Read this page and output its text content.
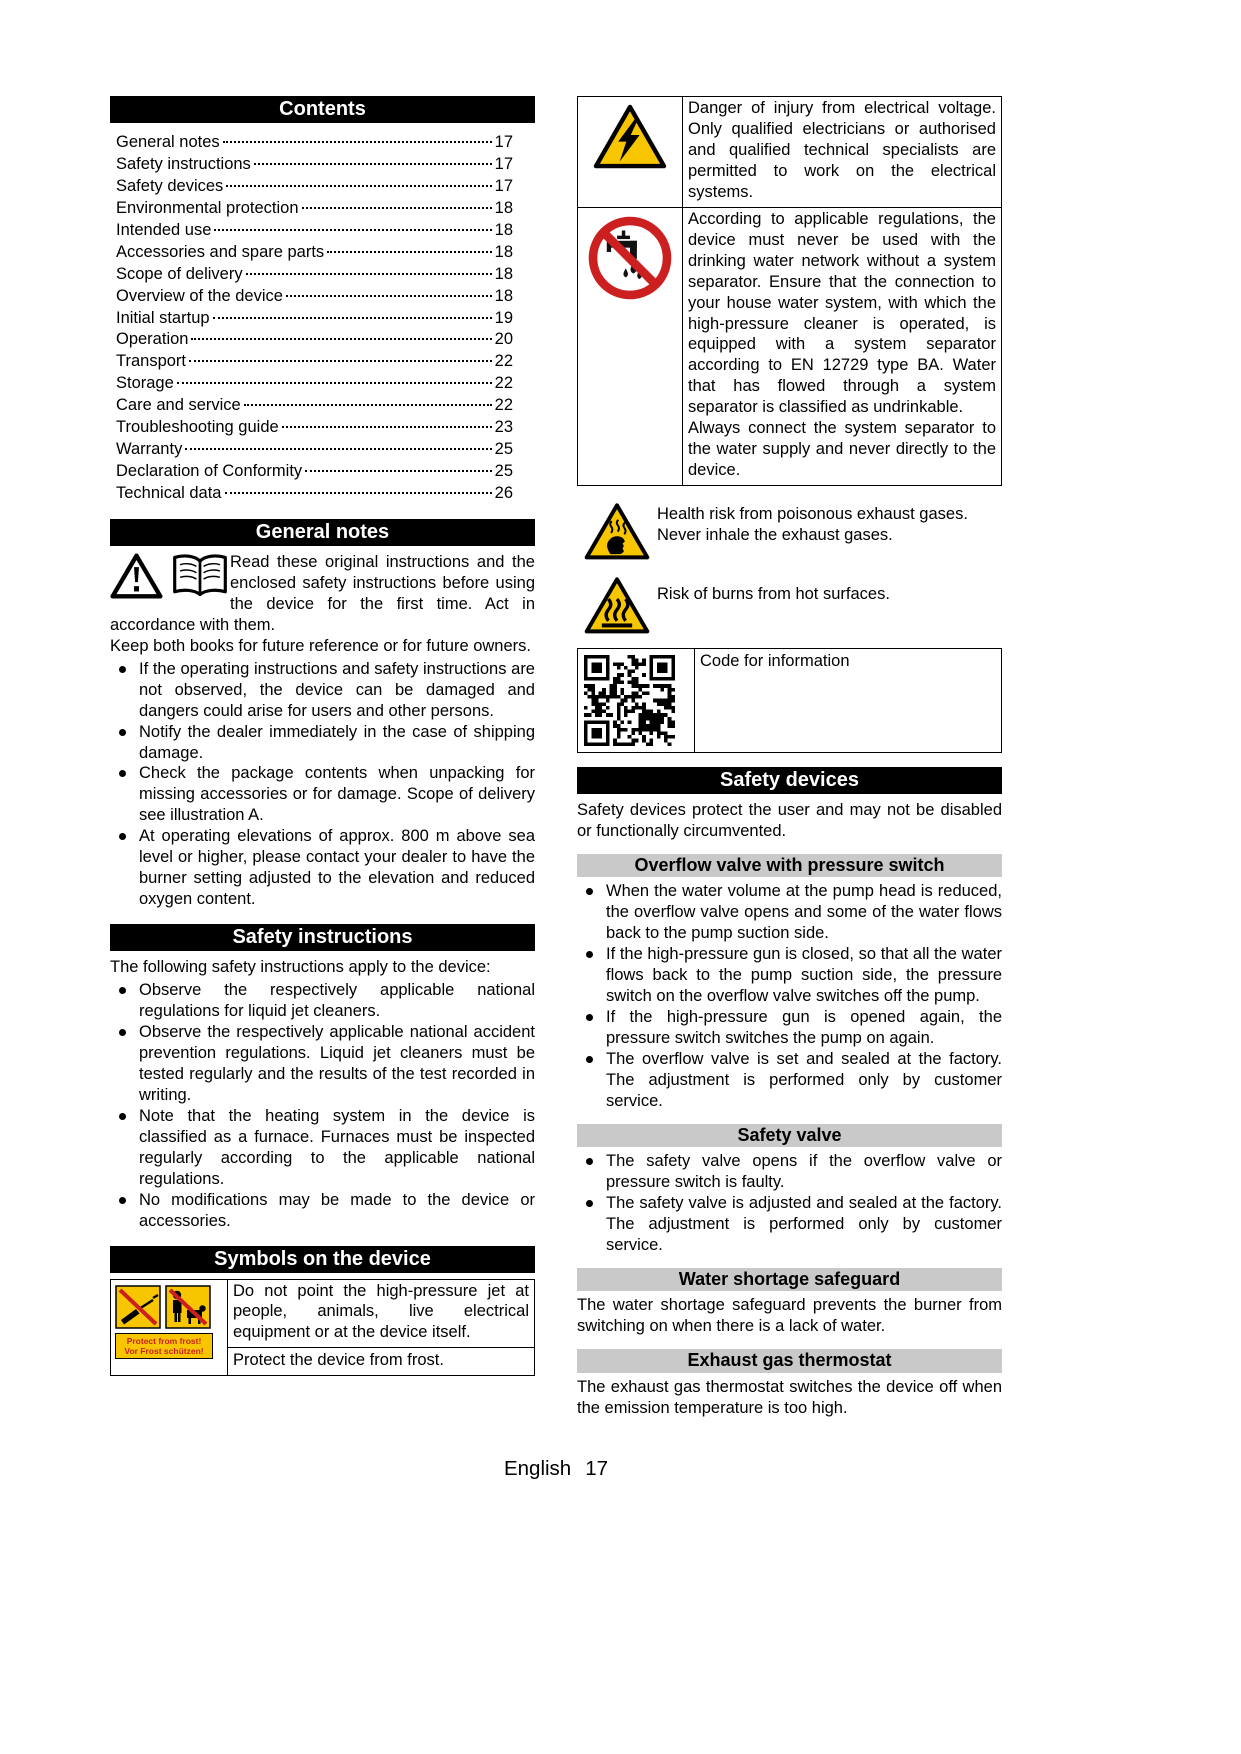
Contents
General notes	17
Safety instructions	17
Safety devices	17
Environmental protection	18
Intended use	18
Accessories and spare parts	18
Scope of delivery	18
Overview of the device	18
Initial startup	19
Operation	20
Transport	22
Storage	22
Care and service	22
Troubleshooting guide	23
Warranty	25
Declaration of Conformity	25
Technical data	26
General notes

Read these original instructions and the enclosed safety instructions before using the device for the first time. Act in accordance with them.

Keep both books for future reference or for future owners.

If the operating instructions and safety instructions are not observed, the device can be damaged and dangers could arise for users and other persons.
Notify the dealer immediately in the case of shipping damage.
Check the package contents when unpacking for missing accessories or for damage. Scope of delivery see illustration A.
At operating elevations of approx. 800 m above sea level or higher, please contact your dealer to have the burner setting adjusted to the elevation and reduced oxygen content.
Safety instructions

The following safety instructions apply to the device:

Observe the respectively applicable national regulations for liquid jet cleaners.
Observe the respectively applicable national accident prevention regulations. Liquid jet cleaners must be tested regularly and the results of the test recorded in writing.
Note that the heating system in the device is classified as a furnace. Furnaces must be inspected regularly according to the applicable national regulations.
No modifications may be made to the device or accessories.
Symbols on the device
Protect from frost!
Vor Frost schützen!
Do not point the high-pressure jet at people, animals, live electrical equipment or at the device itself.
Protect the device from frost.
Danger of injury from electrical voltage. Only qualified electricians or authorised and qualified technical specialists are permitted to work on the electrical systems.

According to applicable regulations, the device must never be used with the drinking water network without a system separator. Ensure that the connection to your house water system, with which the high-pressure cleaner is operated, is equipped with a system separator according to EN 12729 type BA. Water that has flowed through a system separator is classified as undrinkable.

Always connect the system separator to the water supply and never directly to the device.

Health risk from poisonous exhaust gases. Never inhale the exhaust gases.
Risk of burns from hot surfaces.
Code for information
Safety devices

Safety devices protect the user and may not be disabled or functionally circumvented.

Overflow valve with pressure switch
When the water volume at the pump head is reduced, the overflow valve opens and some of the water flows back to the pump suction side.
If the high-pressure gun is closed, so that all the water flows back to the pump suction side, the pressure switch on the overflow valve switches off the pump.
If the high-pressure gun is opened again, the pressure switch switches the pump on again.
The overflow valve is set and sealed at the factory. The adjustment is performed only by customer service.
Safety valve
The safety valve opens if the overflow valve or pressure switch is faulty.
The safety valve is adjusted and sealed at the factory. The adjustment is performed only by customer service.
Water shortage safeguard

The water shortage safeguard prevents the burner from switching on when there is a lack of water.

Exhaust gas thermostat

The exhaust gas thermostat switches the device off when the emission temperature is too high.

English 17
